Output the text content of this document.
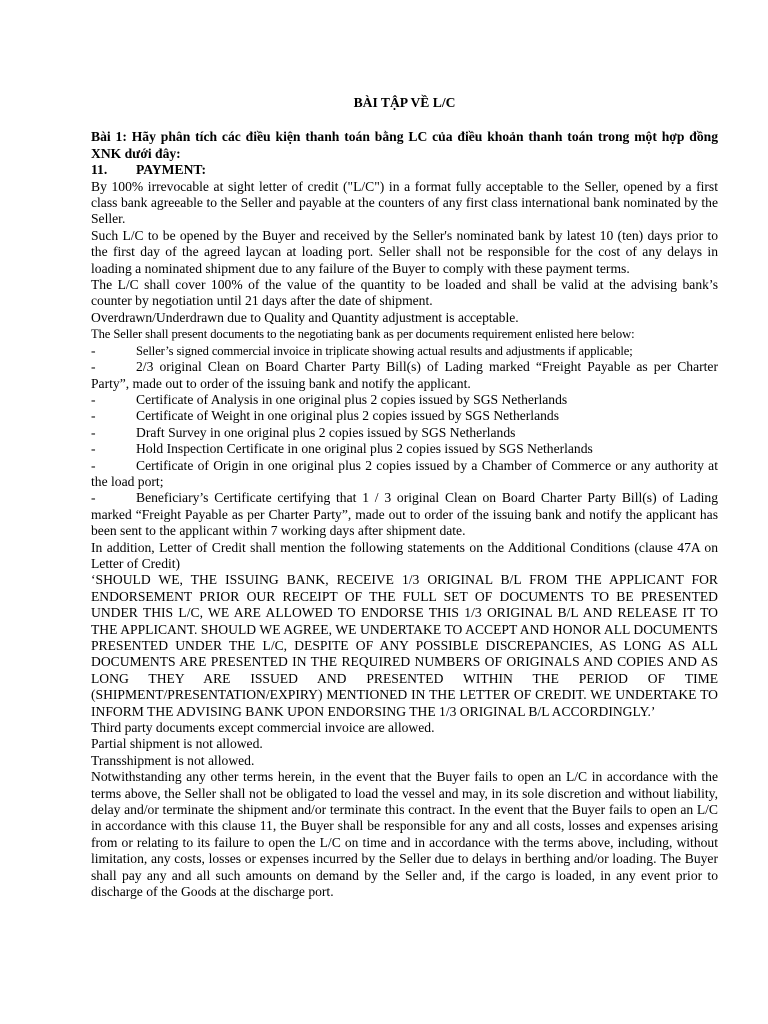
BÀI TẬP VỀ L/C
Bài 1: Hãy phân tích các điều kiện thanh toán bằng LC của điều khoản thanh toán trong một hợp đồng XNK dưới đây:
11.	PAYMENT:

By 100% irrevocable at sight letter of credit ("L/C") in a format fully acceptable to the Seller, opened by a first class bank agreeable to the Seller and payable at the counters of any first class international bank nominated by the Seller.

Such L/C to be opened by the Buyer and received by the Seller's nominated bank by latest 10 (ten) days prior to the first day of the agreed laycan at loading port. Seller shall not be responsible for the cost of any delays in loading a nominated shipment due to any failure of the Buyer to comply with these payment terms.

The L/C shall cover 100% of the value of the quantity to be loaded and shall be valid at the advising bank’s counter by negotiation until 21 days after the date of shipment.

Overdrawn/Underdrawn due to Quality and Quantity adjustment is acceptable.

The Seller shall present documents to the negotiating bank as per documents requirement enlisted here below:

-	Seller’s signed commercial invoice in triplicate showing actual results and adjustments if applicable;
-	2/3 original Clean on Board Charter Party Bill(s) of Lading marked “Freight Payable as per Charter Party”, made out to order of the issuing bank and notify the applicant.
-	Certificate of Analysis in one original plus 2 copies issued by SGS Netherlands
-	Certificate of Weight in one original plus 2 copies issued by SGS Netherlands
-	Draft Survey in one original plus 2 copies issued by SGS Netherlands
-	Hold Inspection Certificate in one original plus 2 copies issued by SGS Netherlands
-	Certificate of Origin in one original plus 2 copies issued by a Chamber of Commerce or any authority at the load port;
-	Beneficiary’s Certificate certifying that 1 / 3 original Clean on Board Charter Party Bill(s) of Lading marked “Freight Payable as per Charter Party”, made out to order of the issuing bank and notify the applicant has been sent to the applicant within 7 working days after shipment date.

In addition, Letter of Credit shall mention the following statements on the Additional Conditions (clause 47A on Letter of Credit)

‘SHOULD WE, THE ISSUING BANK, RECEIVE 1/3 ORIGINAL B/L FROM THE APPLICANT FOR ENDORSEMENT PRIOR OUR RECEIPT OF THE FULL SET OF DOCUMENTS TO BE PRESENTED UNDER THIS L/C, WE ARE ALLOWED TO ENDORSE THIS 1/3 ORIGINAL B/L AND RELEASE IT TO THE APPLICANT. SHOULD WE AGREE, WE UNDERTAKE TO ACCEPT AND HONOR ALL DOCUMENTS PRESENTED UNDER THE L/C, DESPITE OF ANY POSSIBLE DISCREPANCIES, AS LONG AS ALL DOCUMENTS ARE PRESENTED IN THE REQUIRED NUMBERS OF ORIGINALS AND COPIES AND AS LONG THEY ARE ISSUED AND PRESENTED WITHIN THE PERIOD OF TIME (SHIPMENT/PRESENTATION/EXPIRY) MENTIONED IN THE LETTER OF CREDIT. WE UNDERTAKE TO INFORM THE ADVISING BANK UPON ENDORSING THE 1/3 ORIGINAL B/L ACCORDINGLY.’

Third party documents except commercial invoice are allowed.

Partial shipment is not allowed.

Transshipment is not allowed.

Notwithstanding any other terms herein, in the event that the Buyer fails to open an L/C in accordance with the terms above, the Seller shall not be obligated to load the vessel and may, in its sole discretion and without liability, delay and/or terminate the shipment and/or terminate this contract. In the event that the Buyer fails to open an L/C in accordance with this clause 11, the Buyer shall be responsible for any and all costs, losses and expenses arising from or relating to its failure to open the L/C on time and in accordance with the terms above, including, without limitation, any costs, losses or expenses incurred by the Seller due to delays in berthing and/or loading. The Buyer shall pay any and all such amounts on demand by the Seller and, if the cargo is loaded, in any event prior to discharge of the Goods at the discharge port.
